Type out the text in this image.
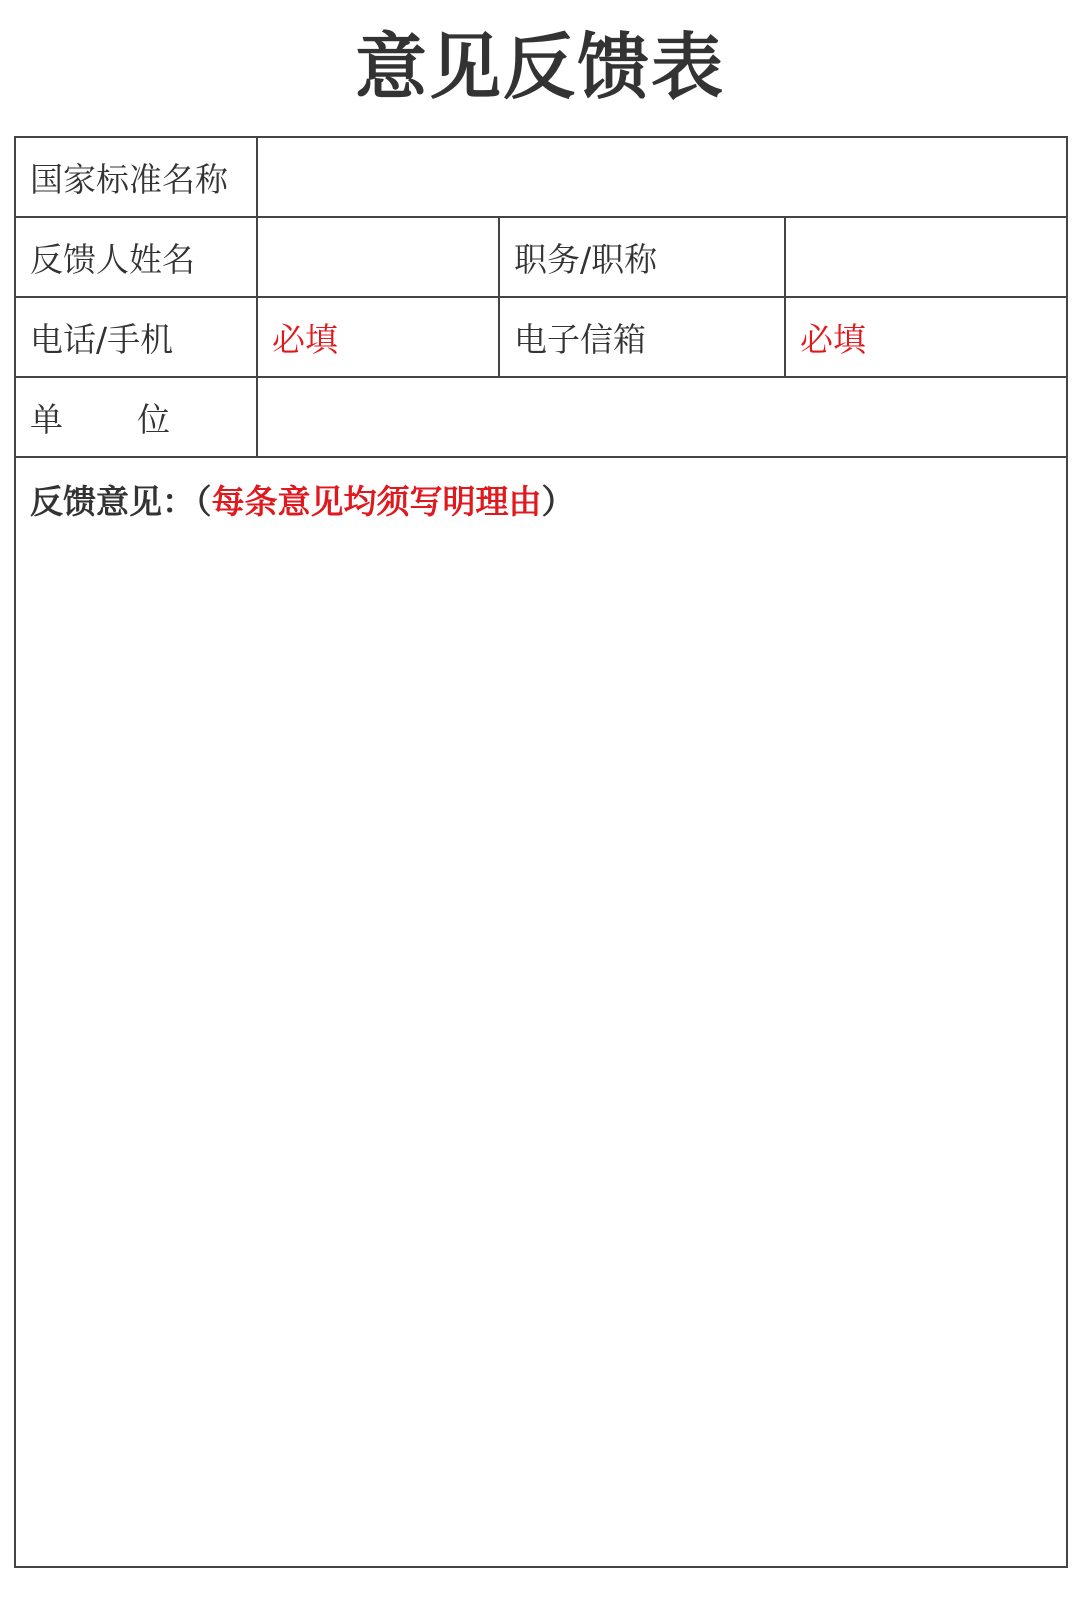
意见反馈表
国家标准名称			
反馈人姓名		职务/职称	
电话/手机	必填	电子信箱	必填
单 位			

反馈意见：（每条意见均须写明理由）			
